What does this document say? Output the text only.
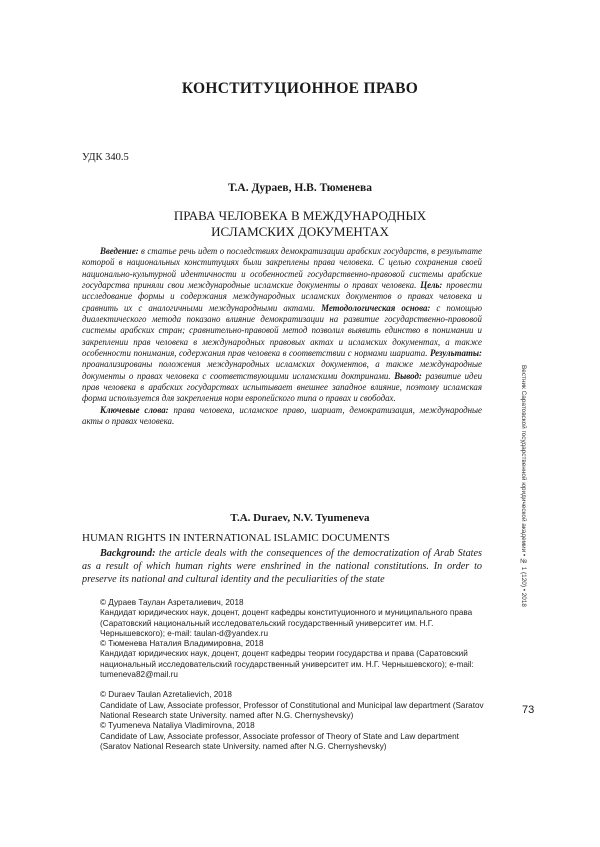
КОНСТИТУЦИОННОЕ ПРАВО
УДК 340.5
Т.А. Дураев, Н.В. Тюменева
ПРАВА ЧЕЛОВЕКА В МЕЖДУНАРОДНЫХ
ИСЛАМСКИХ ДОКУМЕНТАХ

Введение: в статье речь идет о последствиях демократизации арабских государств, в результате которой в национальных конституциях были закреплены права человека. С целью сохранения своей национально-культурной идентичности и особенностей государственно-правовой системы арабские государства приняли свои международные исламские документы о правах человека. Цель: провести исследование формы и содержания международных исламских документов о правах человека и сравнить их с аналогичными международными актами. Методологическая основа: с помощью диалектического метода показано влияние демократизации на развитие государственно-правовой системы арабских стран; сравнительно-правовой метод позволил выявить единство в понимании и закреплении прав человека в международных правовых актах и исламских документах, а также особенности понимания, содержания прав человека в соответствии с нормами шариата. Результаты: проанализированы положения международных исламских документов, а также международные документы о правах человека с соответствующими исламскими доктринами. Вывод: развитие идеи прав человека в арабских государствах испытывает внешнее западное влияние, поэтому исламская форма используется для закрепления норм европейского типа о правах и свободах.

Ключевые слова: права человека, исламское право, шариат, демократизация, международные акты о правах человека.

T.A. Duraev, N.V. Tyumeneva
HUMAN RIGHTS IN INTERNATIONAL ISLAMIC DOCUMENTS

Background: the article deals with the consequences of the democratization of Arab States as a result of which human rights were enshrined in the national constitutions. In order to preserve its national and cultural identity and the peculiarities of the state

© Дураев Таулан Азреталиевич, 2018

Кандидат юридических наук, доцент, доцент кафедры конституционного и муниципального права (Саратовский национальный исследовательский государственный университет им. Н.Г. Чернышевского); e-mail: taulan-d@yandex.ru

© Тюменева Наталия Владимировна, 2018

Кандидат юридических наук, доцент, доцент кафедры теории государства и права (Саратовский национальный исследовательский государственный университет им. Н.Г. Чернышевского); e-mail: tumeneva82@mail.ru

© Duraev Taulan Azretalievich, 2018

Candidate of Law, Associate professor, Professor of Constitutional and Municipal law department (Saratov National Research state University. named after N.G. Chernyshevsky)

© Tyumeneva Nataliya Vladimirovna, 2018

Candidate of Law, Associate professor, Associate professor of Theory of State and Law department (Saratov National Research state University. named after N.G. Chernyshevsky)

73
Вестник Саратовской государственной юридической академии • № 1 (120) • 2018
